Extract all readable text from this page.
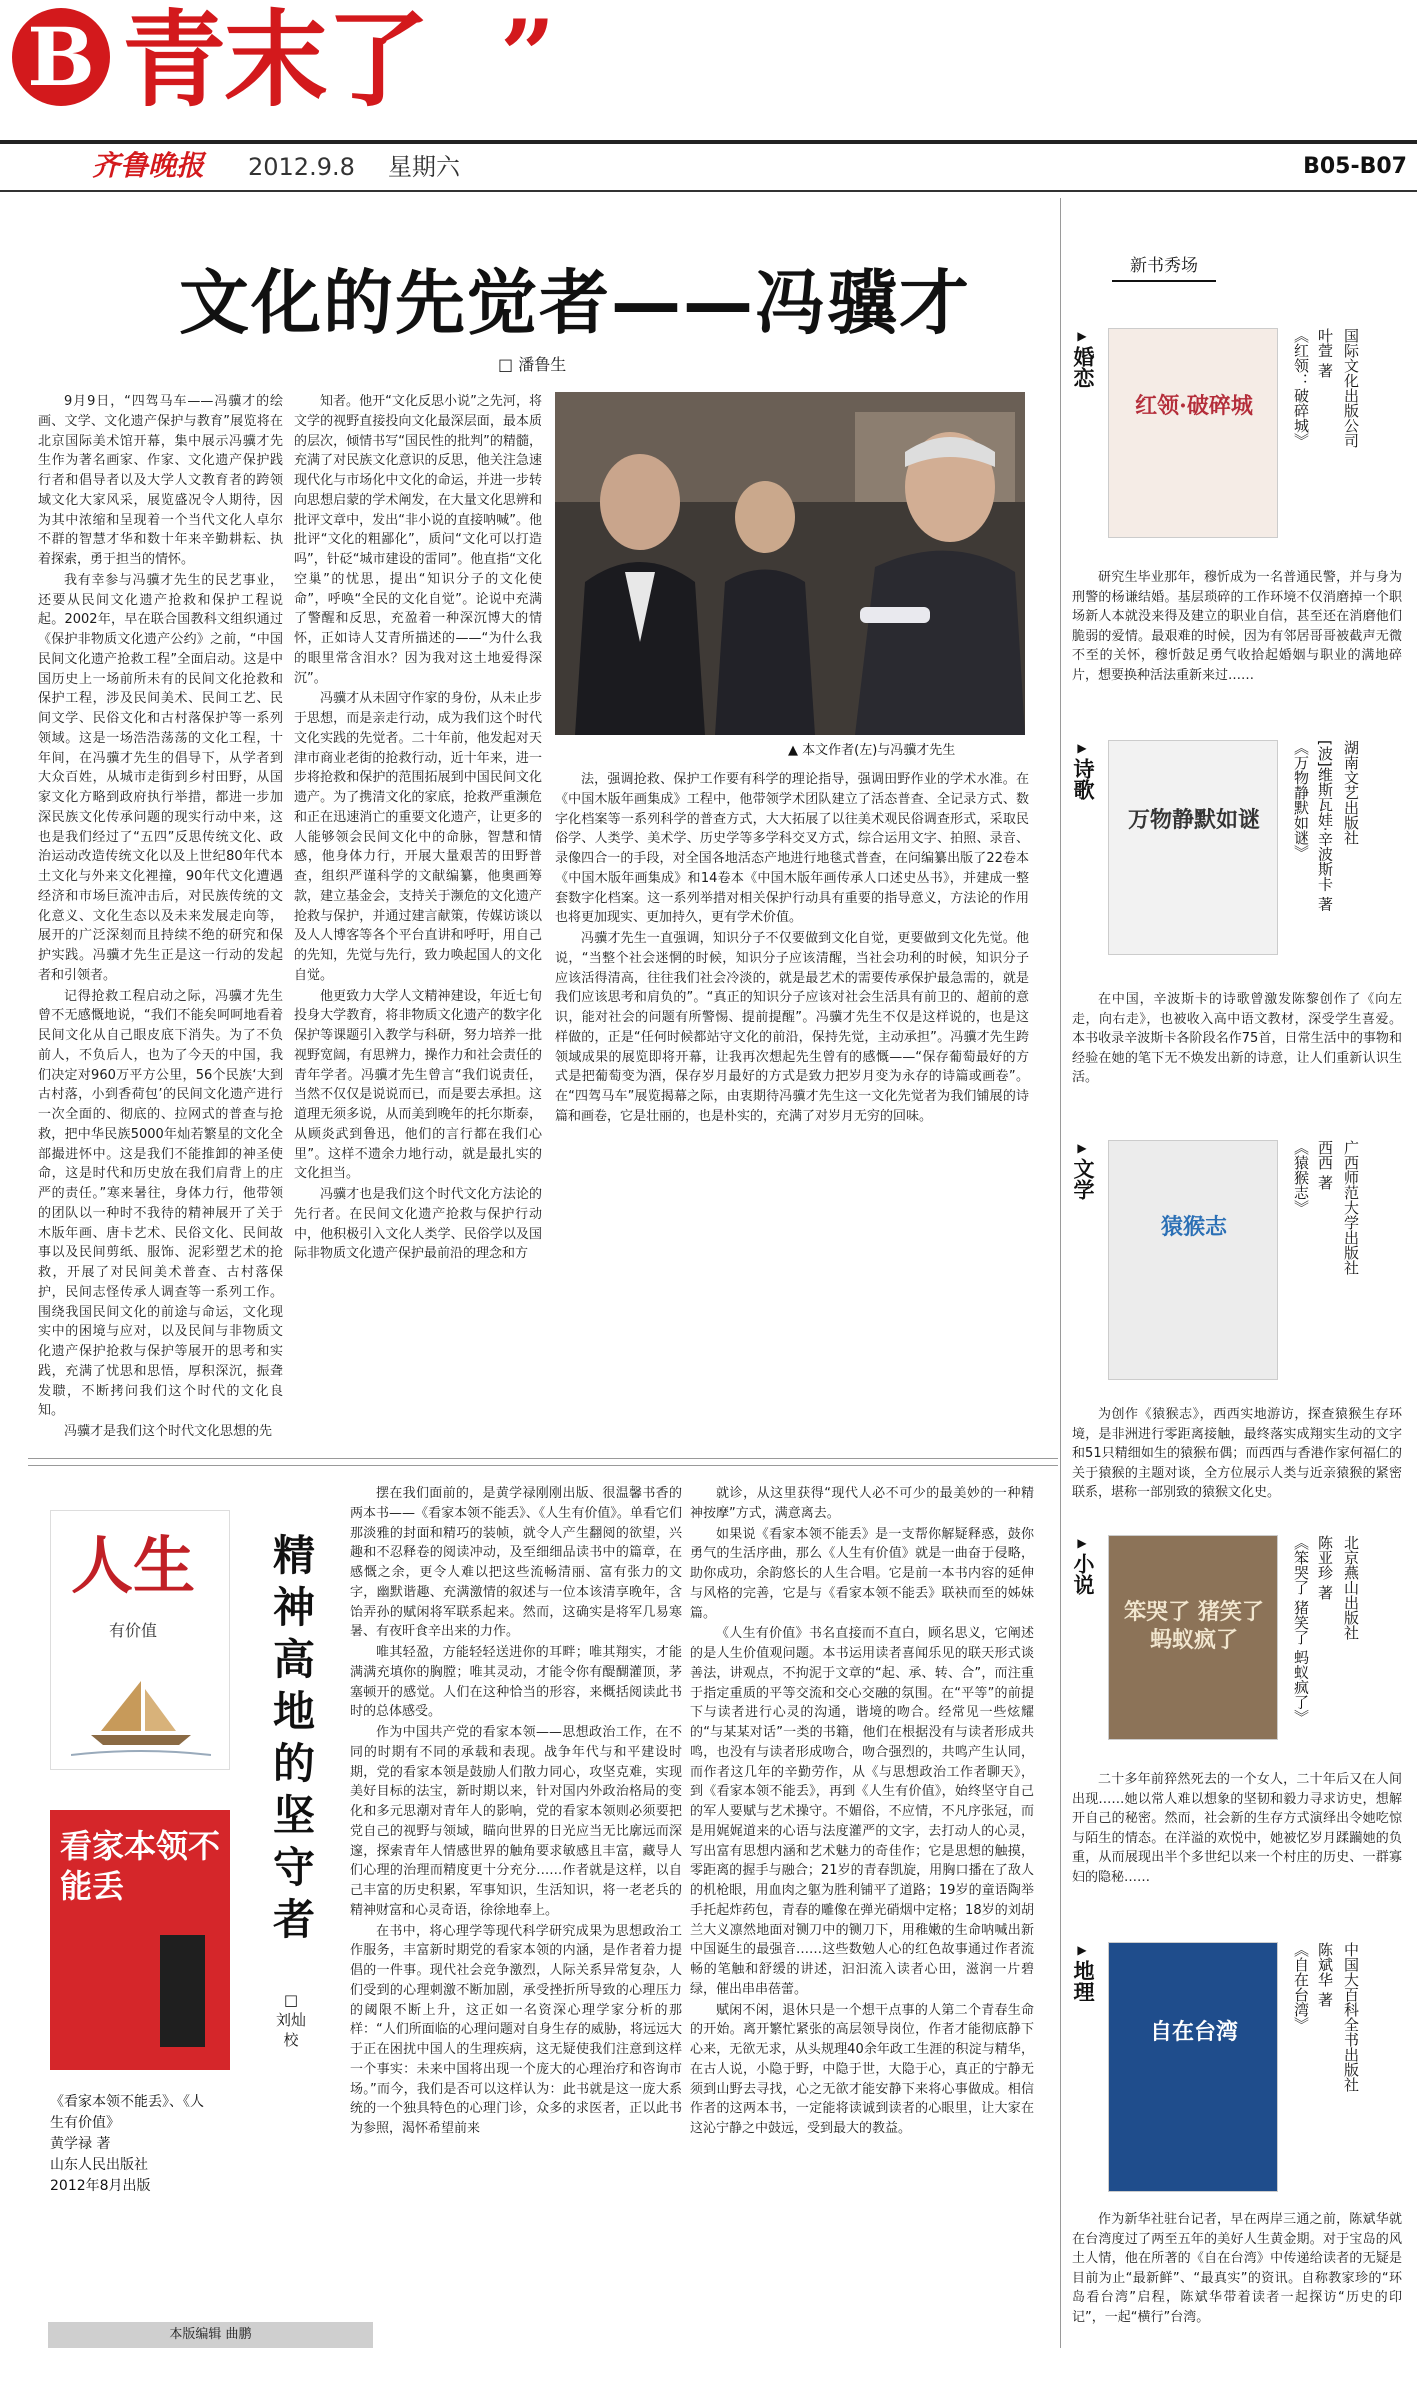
B 青末了 ”
齐鲁晚报 2012.9.8 星期六	B05-B07
文化的先觉者——冯骥才
□ 潘鲁生

9月9日，“四驾马车——冯骥才的绘画、文学、文化遗产保护与教育”展览将在北京国际美术馆开幕，集中展示冯骥才先生作为著名画家、作家、文化遗产保护践行者和倡导者以及大学人文教育者的跨领域文化大家风采，展览盛况令人期待，因为其中浓缩和呈现着一个当代文化人卓尔不群的智慧才华和数十年来辛勤耕耘、执着探索，勇于担当的情怀。

我有幸参与冯骥才先生的民艺事业，还要从民间文化遗产抢救和保护工程说起。2002年，早在联合国教科文组织通过《保护非物质文化遗产公约》之前，“中国民间文化遗产抢救工程”全面启动。这是中国历史上一场前所未有的民间文化抢救和保护工程，涉及民间美术、民间工艺、民间文学、民俗文化和古村落保护等一系列领域。这是一场浩浩荡荡的文化工程，十年间，在冯骥才先生的倡导下，从学者到大众百姓，从城市走街到乡村田野，从国家文化方略到政府执行举措，都进一步加深民族文化传承问题的现实行动中来，这也是我们经过了“五四”反思传统文化、政治运动改造传统文化以及上世纪80年代本土文化与外来文化裡撞，90年代文化遭遇经济和市场巨流冲击后，对民族传统的文化意义、文化生态以及未来发展走向等，展开的广泛深刻而且持续不绝的研究和保护实践。冯骥才先生正是这一行动的发起者和引领者。

记得抢救工程启动之际，冯骥才先生曾不无感慨地说，“我们不能矣呵呵地看着民间文化从自己眼皮底下消失。为了不负前人，不负后人，也为了今天的中国，我们决定对960万平方公里，56个民族‘大到古村落，小到香荷包’的民间文化遗产进行一次全面的、彻底的、拉网式的普查与抢救，把中华民族5000年灿若繁星的文化全部撮进怀中。这是我们不能推卸的神圣使命，这是时代和历史放在我们肩背上的庄严的责任。”寒来暑往，身体力行，他带领的团队以一种时不我待的精神展开了关于木版年画、唐卡艺术、民俗文化、民间故事以及民间剪纸、服饰、泥彩塑艺术的抢救，开展了对民间美术普查、古村落保护，民间志怪传承人调查等一系列工作。围绕我国民间文化的前途与命运，文化现实中的困境与应对，以及民间与非物质文化遗产保护抢救与保护等展开的思考和实践，充满了忧思和思悟，厚积深沉，振聋发聩，不断拷问我们这个时代的文化良知。

冯骥才是我们这个时代文化思想的先

知者。他开“文化反思小说”之先河，将文学的视野直接投向文化最深层面，最本质的层次，倾情书写“国民性的批判”的精髓，充满了对民族文化意识的反思，他关注急速现代化与市场化中文化的命运，并进一步转向思想启蒙的学术阐发，在大量文化思辨和批评文章中，发出“非小说的直接呐喊”。他批评“文化的粗鄙化”，质问“文化可以打造吗”，针砭“城市建设的雷同”。他直指“文化空巢”的忧思，提出“知识分子的文化使命”，呼唤“全民的文化自觉”。论说中充满了警醒和反思，充盈着一种深沉博大的情怀，正如诗人艾青所描述的——“为什么我的眼里常含泪水？因为我对这土地爱得深沉”。

冯骥才从未固守作家的身份，从未止步于思想，而是亲走行动，成为我们这个时代文化实践的先觉者。二十年前，他发起对天津市商业老街的抢救行动，近十年来，进一步将抢救和保护的范围拓展到中国民间文化遗产。为了携清文化的家底，抢救严重濒危和正在迅速消亡的重要文化遗产，让更多的人能够领会民间文化中的命脉，智慧和情感，他身体力行，开展大量艰苦的田野普查，组织严谨科学的文献编纂，他奥画筹款，建立基金会，支持关于濒危的文化遗产抢救与保护，并通过建言献策，传媒访谈以及人人博客等各个平台直讲和呼吁，用自己的先知，先觉与先行，致力唤起国人的文化自觉。

他更致力大学人文精神建设，年近七旬投身大学教育，将非物质文化遗产的数字化保护等课题引入教学与科研，努力培养一批视野宽阔，有思辨力，操作力和社会责任的青年学者。冯骥才先生曾言“我们说责任，当然不仅仅是说说而已，而是要去承担。这道理无须多说，从而美到晚年的托尔斯泰，从顾炎武到鲁迅，他们的言行都在我们心里”。这样不遗余力地行动，就是最扎实的文化担当。

冯骥才也是我们这个时代文化方法论的先行者。在民间文化遗产抢救与保护行动中，他积极引入文化人类学、民俗学以及国际非物质文化遗产保护最前沿的理念和方

法，强调抢救、保护工作要有科学的理论指导，强调田野作业的学术水准。在《中国木版年画集成》工程中，他带领学术团队建立了活态普查、全记录方式、数字化档案等一系列科学的普查方式，大大拓展了以往美术观民俗调查形式，采取民俗学、人类学、美术学、历史学等多学科交叉方式，综合运用文字、拍照、录音、录像四合一的手段，对全国各地活态产地进行地毯式普查，在问编纂出版了22卷本《中国木版年画集成》和14卷本《中国木版年画传承人口述史丛书》，并建成一整套数字化档案。这一系列举措对相关保护行动具有重要的指导意义，方法论的作用也将更加现实、更加持久，更有学术价值。

冯骥才先生一直强调，知识分子不仅要做到文化自觉，更要做到文化先觉。他说，“当整个社会迷惘的时候，知识分子应该清醒，当社会功利的时候，知识分子应该活得清高，往往我们社会冷淡的，就是最艺术的需要传承保护最急需的，就是我们应该思考和肩负的”。“真正的知识分子应该对社会生活具有前卫的、超前的意识，能对社会的问题有所警惕、提前提醒”。冯骥才先生不仅是这样说的，也是这样做的，正是“任何时候都站守文化的前沿，保持先觉，主动承担”。冯骥才先生跨领域成果的展览即将开幕，让我再次想起先生曾有的感慨——“保存葡萄最好的方式是把葡萄变为酒，保存岁月最好的方式是致力把岁月变为永存的诗篇或画卷”。在“四驾马车”展览揭幕之际，由衷期待冯骥才先生这一文化先觉者为我们铺展的诗篇和画卷，它是壮丽的，也是朴实的，充满了对岁月无穷的回味。

▲ 本文作者(左)与冯骥才先生
人生
有价值
看家本领不能丢
《看家本领不能丢》、《人生有价值》
黄学禄 著
山东人民出版社
2012年8月出版
本版编辑 曲鹏
精神高地的坚守者
□ 刘灿校

摆在我们面前的，是黄学禄刚刚出版、很温馨书香的两本书——《看家本领不能丢》、《人生有价值》。单看它们那淡雅的封面和精巧的装帧，就令人产生翻阅的欲望，兴趣和不忍释卷的阅读冲动，及至细细品读书中的篇章，在感慨之余，更令人难以把这些流畅清丽、富有张力的文字，幽默谐趣、充满激情的叙述与一位本该清享晚年，含饴弄孙的赋闲将军联系起来。然而，这确实是将军几易寒暑、有夜旰食辛出来的力作。

唯其轻盈，方能轻轻送进你的耳畔；唯其翔实，才能满满充填你的胸膛；唯其灵动，才能令你有醍醐灌顶，茅塞顿开的感觉。人们在这种恰当的形容，来概括阅读此书时的总体感受。

作为中国共产党的看家本领——思想政治工作，在不同的时期有不同的承载和表现。战争年代与和平建设时期，党的看家本领是鼓励人们散力同心，攻坚克难，实现美好目标的法宝，新时期以来，针对国内外政治格局的变化和多元思潮对青年人的影响，党的看家本领则必须要把党自己的视野与领域，瞄向世界的日光应当无比廓远而深邃，探索青年人情感世界的触角要求敏感且丰富，藏导人们心理的治理而精度更十分充分……作者就是这样，以自己丰富的历史积累，军事知识，生活知识，将一老老兵的精神财富和心灵奇语，徐徐地奉上。

在书中，将心理学等现代科学研究成果为思想政治工作服务，丰富新时期党的看家本领的内涵，是作者着力提倡的一件事。现代社会竞争激烈，人际关系异常复杂，人们受到的心理刺激不断加剧，承受挫折所导致的心理压力的阈限不断上升，这正如一名资深心理学家分析的那样：“人们所面临的心理问题对自身生存的威胁，将远远大于正在困扰中国人的生理疾病，这无疑使我们注意到这样一个事实：未来中国将出现一个庞大的心理治疗和咨询市场。”而今，我们是否可以这样认为：此书就是这一庞大系统的一个独具特色的心理门诊，众多的求医者，正以此书为参照，渴怀希望前来

就诊，从这里获得“现代人必不可少的最美妙的一种精神按摩”方式，满意离去。

如果说《看家本领不能丢》是一支帮你解疑释惑，鼓你勇气的生活序曲，那么《人生有价值》就是一曲奋于侵略，助你成功，余韵悠长的人生合唱。它是前一本书内容的延伸与风格的完善，它是与《看家本领不能丢》联袂而至的姊妹篇。

《人生有价值》书名直接而不直白，顾名思义，它阐述的是人生价值观问题。本书运用读者喜闻乐见的联天形式谈善法，讲观点，不拘泥于文章的“起、承、转、合”，而注重于指定重质的平等交流和交心交融的氛围。在“平等”的前提下与读者进行心灵的沟通，谐境的吻合。经常见一些炫耀的“与某某对话”一类的书籍，他们在根据没有与读者形成共鸣，也没有与读者形成吻合，吻合强烈的，共鸣产生认同，而作者这几年的辛勤劳作，从《与思想政治工作者聊天》，到《看家本领不能丢》，再到《人生有价值》，始终坚守自己的军人要赋与艺术操守。不媚俗，不应情，不凡序张冠，而是用娓娓道来的心语与法度灌严的文字，去打动人的心灵，写出富有思想内涵和艺术魅力的奇佳作；它是思想的触摸，零距离的握手与融合；21岁的青春凯旋，用胸口播在了敌人的机枪眼，用血肉之躯为胜利铺平了道路；19岁的童语陶举手托起炸药包，青春的雕像在弹光硝烟中定格；18岁的刘胡兰大义凛然地面对铡刀中的铡刀下，用稚嫩的生命呐喊出新中国诞生的最强音……这些数勉人心的红色故事通过作者流畅的笔触和舒缓的讲述，汩汩流入读者心田，滋润一片碧绿，催出串串蓓蕾。

赋闲不闲，退休只是一个想干点事的人第二个青春生命的开始。离开繁忙紧张的高层领导岗位，作者才能彻底静下心来，无欲无求，从头规理40余年政工生涯的积淀与精华，在古人说，小隐于野，中隐于世，大隐于心，真正的宁静无须到山野去寻找，心之无欲才能安静下来将心事做成。相信作者的这两本书，一定能将读诚到读者的心眼里，让大家在这沁宁静之中鼓远，受到最大的教益。

新书秀场
▶
婚恋
红领·破碎城	《红领：破碎城》 叶萱 著 国际文化出版公司

研究生毕业那年，穆忻成为一名普通民警，并与身为刑警的杨谦结婚。基层琐碎的工作环境不仅消磨掉一个职场新人本就没来得及建立的职业自信，甚至还在消磨他们脆弱的爱情。最艰难的时候，因为有邻居哥哥被截声无微不至的关怀，穆忻鼓足勇气收拾起婚姻与职业的满地碎片，想要换种活法重新来过……

▶
诗歌
万物静默如谜	《万物静默如谜》 [波]维斯瓦娃·辛波斯卡 著 湖南文艺出版社

在中国，辛波斯卡的诗歌曾激发陈黎创作了《向左走，向右走》，也被收入高中语文教材，深受学生喜爱。本书收录辛波斯卡各阶段名作75首，日常生活中的事物和经验在她的笔下无不焕发出新的诗意，让人们重新认识生活。

▶
文学
猿猴志
《猿猴志》 西西 著 广西师范大学出版社

为创作《猿猴志》，西西实地游访，探查猿猴生存环境，是非洲进行零距离接触，最终落实成翔实生动的文字和51只精细如生的猿猴布偶；而西西与香港作家何福仁的关于猿猴的主题对谈，全方位展示人类与近亲猿猴的紧密联系，堪称一部别致的猿猴文化史。

▶
小说
笨哭了 猪笑了 蚂蚁疯了	《笨哭了 猪笑了 蚂蚁疯了》 陈亚珍 著 北京燕山出版社

二十多年前猝然死去的一个女人，二十年后又在人间出现……她以常人难以想象的坚韧和毅力寻求访史，想解开自己的秘密。然而，社会新的生存方式演绎出令她吃惊与陌生的情态。在洋溢的欢悦中，她被忆岁月蹂躏她的负重，从而展现出半个多世纪以来一个村庄的历史、一群寡妇的隐秘……

▶
地理
自在台湾	《自在台湾》 陈斌华 著 中国大百科全书出版社

作为新华社驻台记者，早在两岸三通之前，陈斌华就在台湾度过了两至五年的美好人生黄金期。对于宝岛的风土人情，他在所著的《自在台湾》中传递给读者的无疑是目前为止“最新鲜”、“最真实”的资讯。自称教家珍的“环岛看台湾”启程，陈斌华带着读者一起探访“历史的印记”，一起“横行”台湾。
